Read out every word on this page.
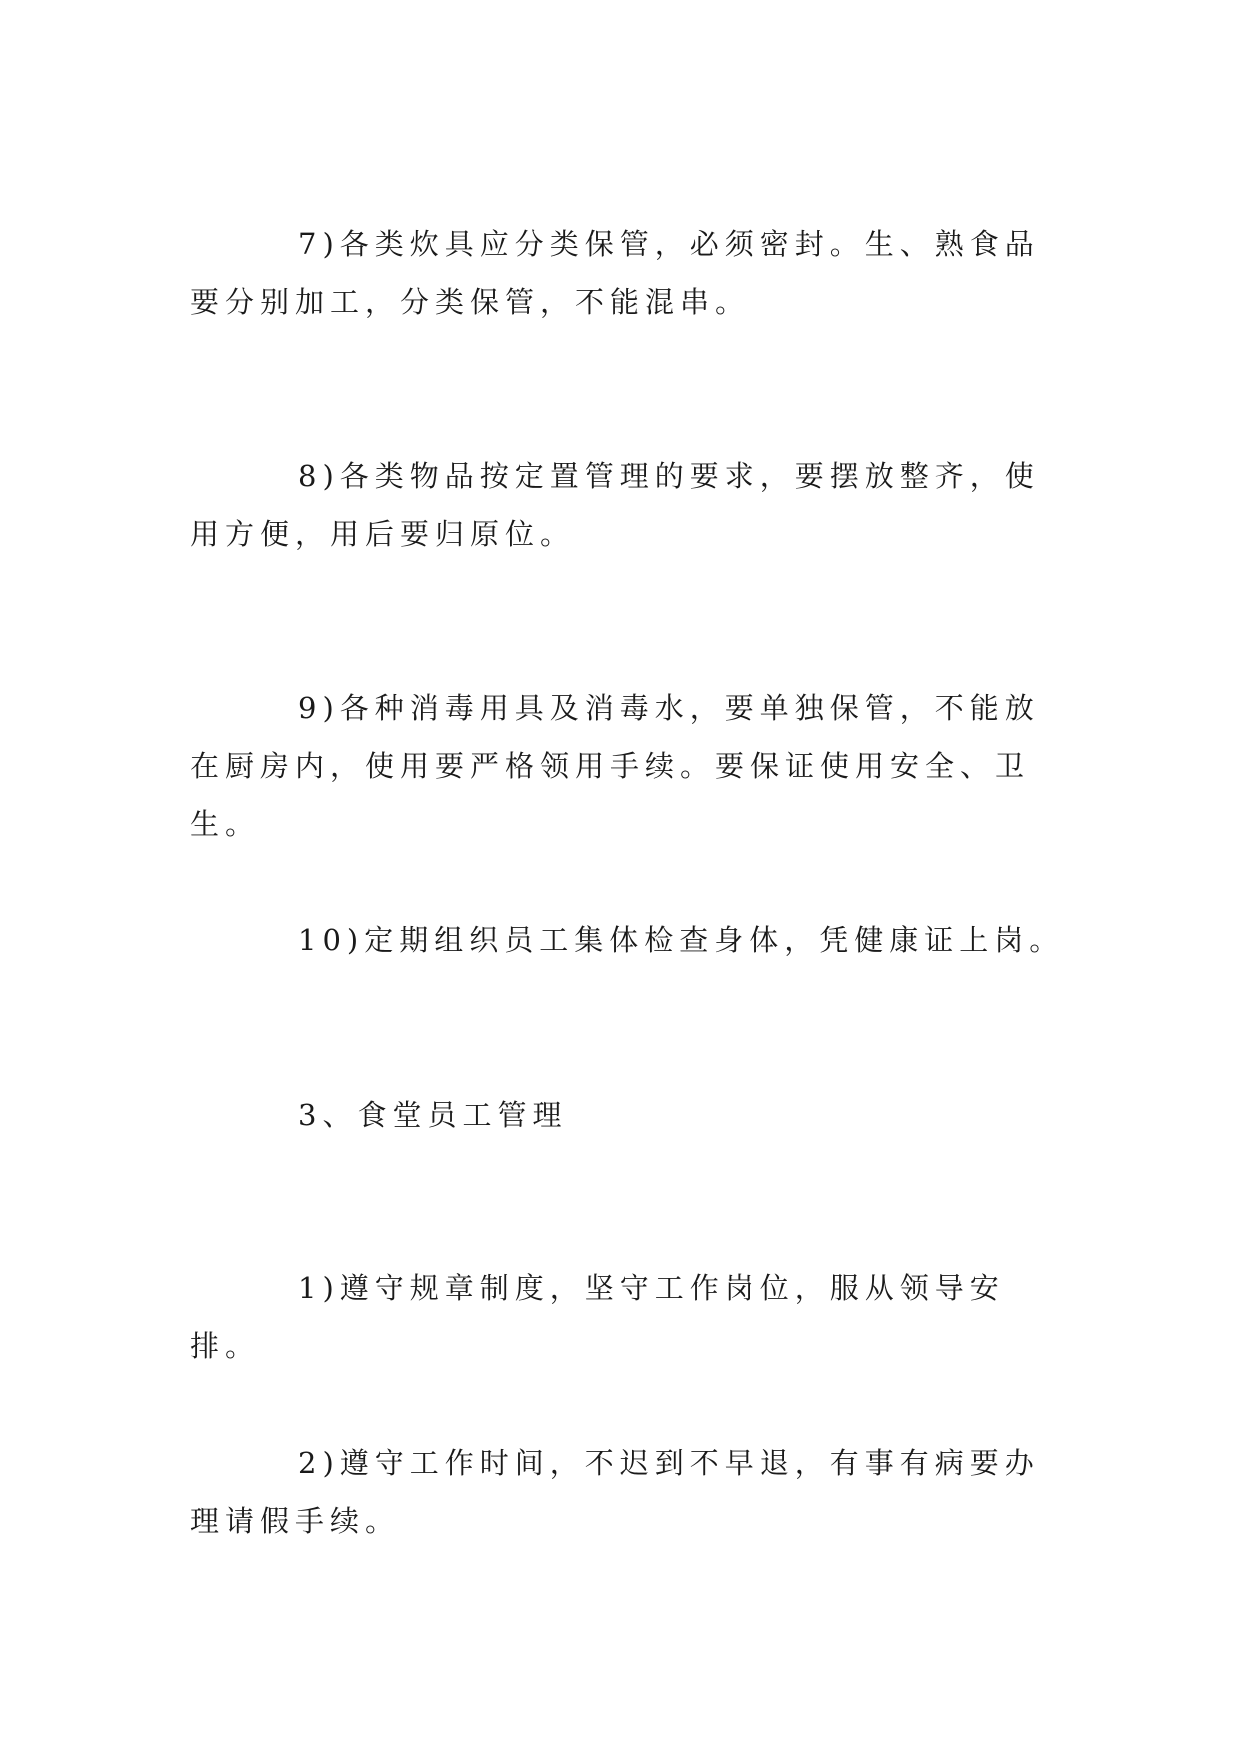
7)各类炊具应分类保管，必须密封。生、熟食品要分别加工，分类保管，不能混串。

8)各类物品按定置管理的要求，要摆放整齐，使用方便，用后要归原位。

9)各种消毒用具及消毒水，要单独保管，不能放在厨房内，使用要严格领用手续。要保证使用安全、卫生。

10)定期组织员工集体检查身体，凭健康证上岗。

3、食堂员工管理

1)遵守规章制度，坚守工作岗位，服从领导安排。

2)遵守工作时间，不迟到不早退，有事有病要办理请假手续。
